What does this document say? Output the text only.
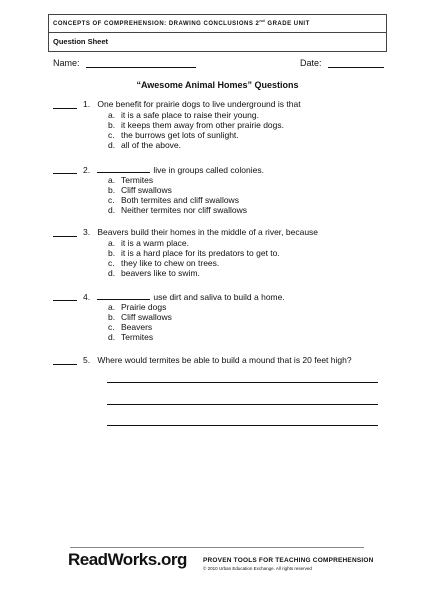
CONCEPTS OF COMPREHENSION: DRAWING CONCLUSIONS 2nd GRADE UNIT
Question Sheet
Name:	Date:
“Awesome Animal Homes” Questions
1. One benefit for prairie dogs to live underground is that
a. it is a safe place to raise their young.
b. it keeps them away from other prairie dogs.
c. the burrows get lots of sunlight.
d. all of the above.
2.	live in groups called colonies.
a. Termites
b. Cliff swallows
c. Both termites and cliff swallows
d. Neither termites nor cliff swallows
3. Beavers build their homes in the middle of a river, because
a. it is a warm place.
b. it is a hard place for its predators to get to.
c. they like to chew on trees.
d. beavers like to swim.
4.	use dirt and saliva to build a home.
a. Prairie dogs
b. Cliff swallows
c. Beavers
d. Termites
5. Where would termites be able to build a mound that is 20 feet high?
ReadWorks.org PROVEN TOOLS FOR TEACHING COMPREHENSION
© 2010 Urban Education Exchange. All rights reserved
